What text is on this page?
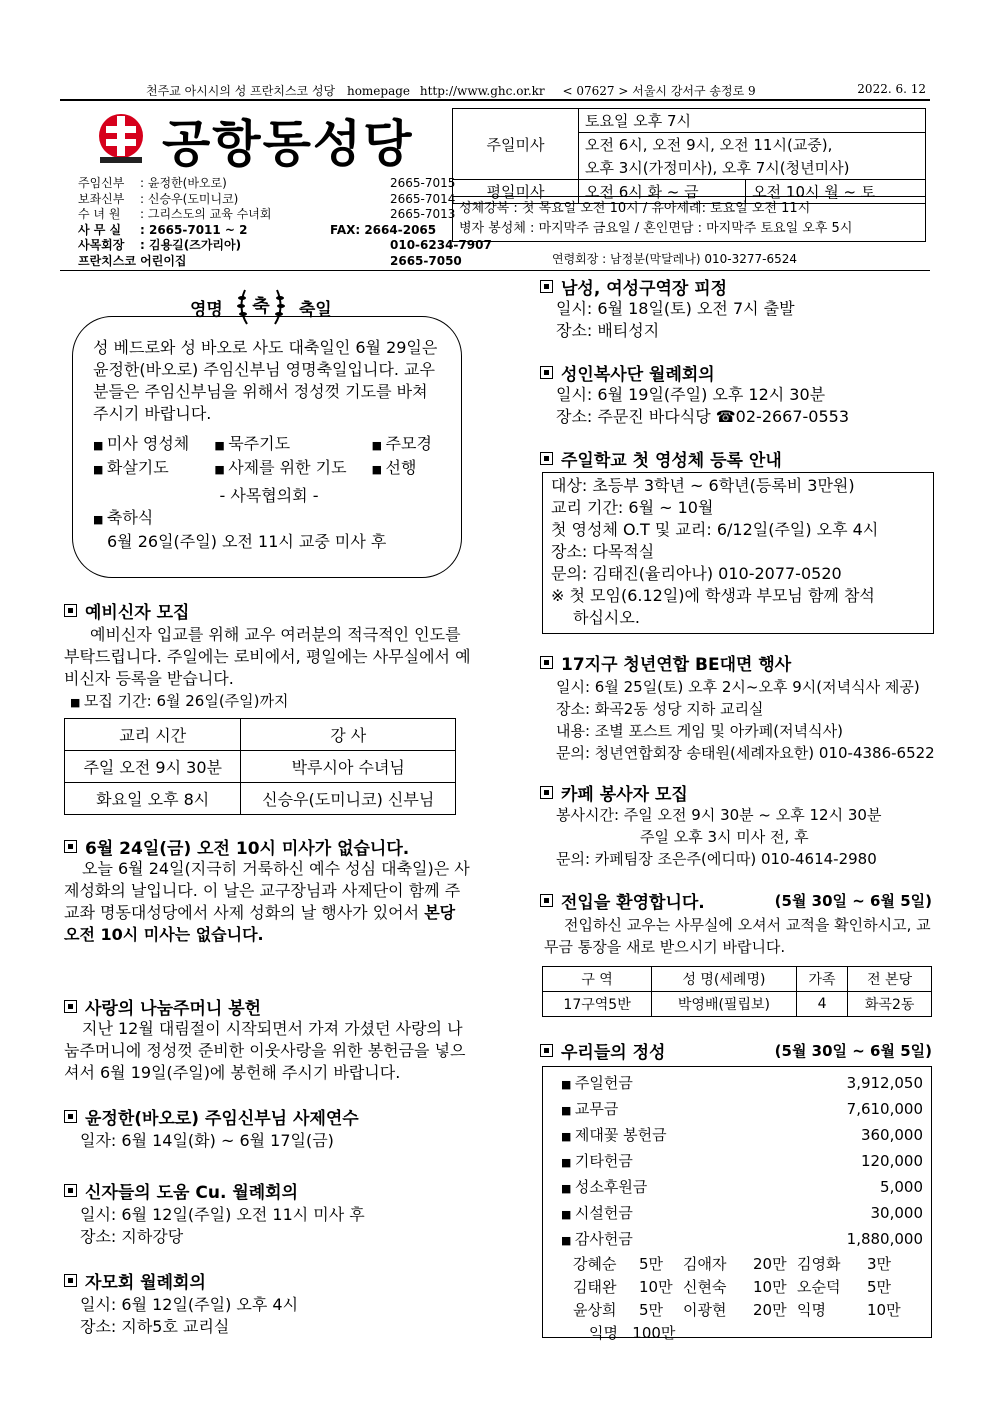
천주교 아시시의 성 프란치스코 성당 homepage http://www.ghc.or.kr < 07627 > 서울시 강서구 송정로 9	2022. 6. 12
공항동성당
주임신부	: 윤정한(바오로)	2665-7015
보좌신부	: 신승우(도미니코)	2665-7014
수 녀 원	: 그리스도의 교육 수녀회	2665-7013
사 무 실	: 2665-7011 ~ 2	FAX: 2664-2065
사목회장	: 김용길(즈가리아)	010-6234-7907
프란치스코 어린이집	2665-7050
주일미사	토요일 오후 7시	
	오전 6시, 오전 9시, 오전 11시(교중),	
	오후 3시(가정미사), 오후 7시(청년미사)	
평일미사	오전 6시 화 ~ 금	오전 10시 월 ~ 토
성체강복 : 첫 목요일 오전 10시 / 유아세례: 토요일 오전 11시
병자 봉성체 : 마지막주 금요일 / 혼인면담 : 마지막주 토요일 오후 5시
연령회장 : 남정분(막달레나) 010-3277-6524
영명 축 축일
성 베드로와 성 바오로 사도 대축일인 6월 29일은 윤정한(바오로) 주임신부님 영명축일입니다. 교우분들은 주임신부님을 위해서 정성껏 기도를 바쳐 주시기 바랍니다.
■ 미사 영성체	■ 묵주기도	■ 주모경
■ 화살기도	■ 사제를 위한 기도	■ 선행
- 사목협의회 -
■ 축하식
6월 26일(주일) 오전 11시 교중 미사 후
예비신자 모집
예비신자 입교를 위해 교우 여러분의 적극적인 인도를 부탁드립니다. 주일에는 로비에서, 평일에는 사무실에서 예비신자 등록을 받습니다.
■ 모집 기간: 6월 26일(주일)까지
교리 시간	강 사
주일 오전 9시 30분	박루시아 수녀님
화요일 오후 8시	신승우(도미니코) 신부님
6월 24일(금) 오전 10시 미사가 없습니다.
오늘 6월 24일(지극히 거룩하신 예수 성심 대축일)은 사제성화의 날입니다. 이 날은 교구장님과 사제단이 함께 주교좌 명동대성당에서 사제 성화의 날 행사가 있어서 본당 오전 10시 미사는 없습니다.
사랑의 나눔주머니 봉헌
지난 12월 대림절이 시작되면서 가져 가셨던 사랑의 나눔주머니에 정성껏 준비한 이웃사랑을 위한 봉헌금을 넣으셔서 6월 19일(주일)에 봉헌해 주시기 바랍니다.
윤정한(바오로) 주임신부님 사제연수
일자: 6월 14일(화) ~ 6월 17일(금)
신자들의 도움 Cu. 월례회의
일시: 6월 12일(주일) 오전 11시 미사 후
장소: 지하강당
자모회 월례회의
일시: 6월 12일(주일) 오후 4시
장소: 지하5호 교리실
남성, 여성구역장 피정
일시: 6월 18일(토) 오전 7시 출발
장소: 배티성지
성인복사단 월례회의
일시: 6월 19일(주일) 오후 12시 30분
장소: 주문진 바다식당 ☎02-2667-0553
주일학교 첫 영성체 등록 안내
대상: 초등부 3학년 ~ 6학년(등록비 3만원)
교리 기간: 6월 ~ 10월
첫 영성체 O.T 및 교리: 6/12일(주일) 오후 4시
장소: 다목적실
문의: 김태진(율리아나) 010-2077-0520
※ 첫 모임(6.12일)에 학생과 부모님 함께 참석
하십시오.
17지구 청년연합 BE대면 행사
일시: 6월 25일(토) 오후 2시~오후 9시(저녁식사 제공)
장소: 화곡2동 성당 지하 교리실
내용: 조별 포스트 게임 및 아카페(저녁식사)
문의: 청년연합회장 송태원(세례자요한) 010-4386-6522
카페 봉사자 모집
봉사시간: 주일 오전 9시 30분 ~ 오후 12시 30분
주일 오후 3시 미사 전, 후
문의: 카페팀장 조은주(에디따) 010-4614-2980
전입을 환영합니다.	(5월 30일 ~ 6월 5일)
전입하신 교우는 사무실에 오셔서 교적을 확인하시고, 교무금 통장을 새로 받으시기 바랍니다.
구 역	성 명(세례명)	가족	전 본당
17구역5반	박영배(필립보)	4	화곡2동
우리들의 정성	(5월 30일 ~ 6월 5일)
■ 주일헌금	3,912,050
■ 교무금	7,610,000
■ 제대꽃 봉헌금	360,000
■ 기타헌금	120,000
■ 성소후원금	5,000
■ 시설헌금	30,000
■ 감사헌금	1,880,000
강혜순	5만	김애자	20만 김영화	3만
김태완	10만 신현숙	10만 오순덕	5만
윤상희	5만	이광현	20만 익명	10만
익명 100만
